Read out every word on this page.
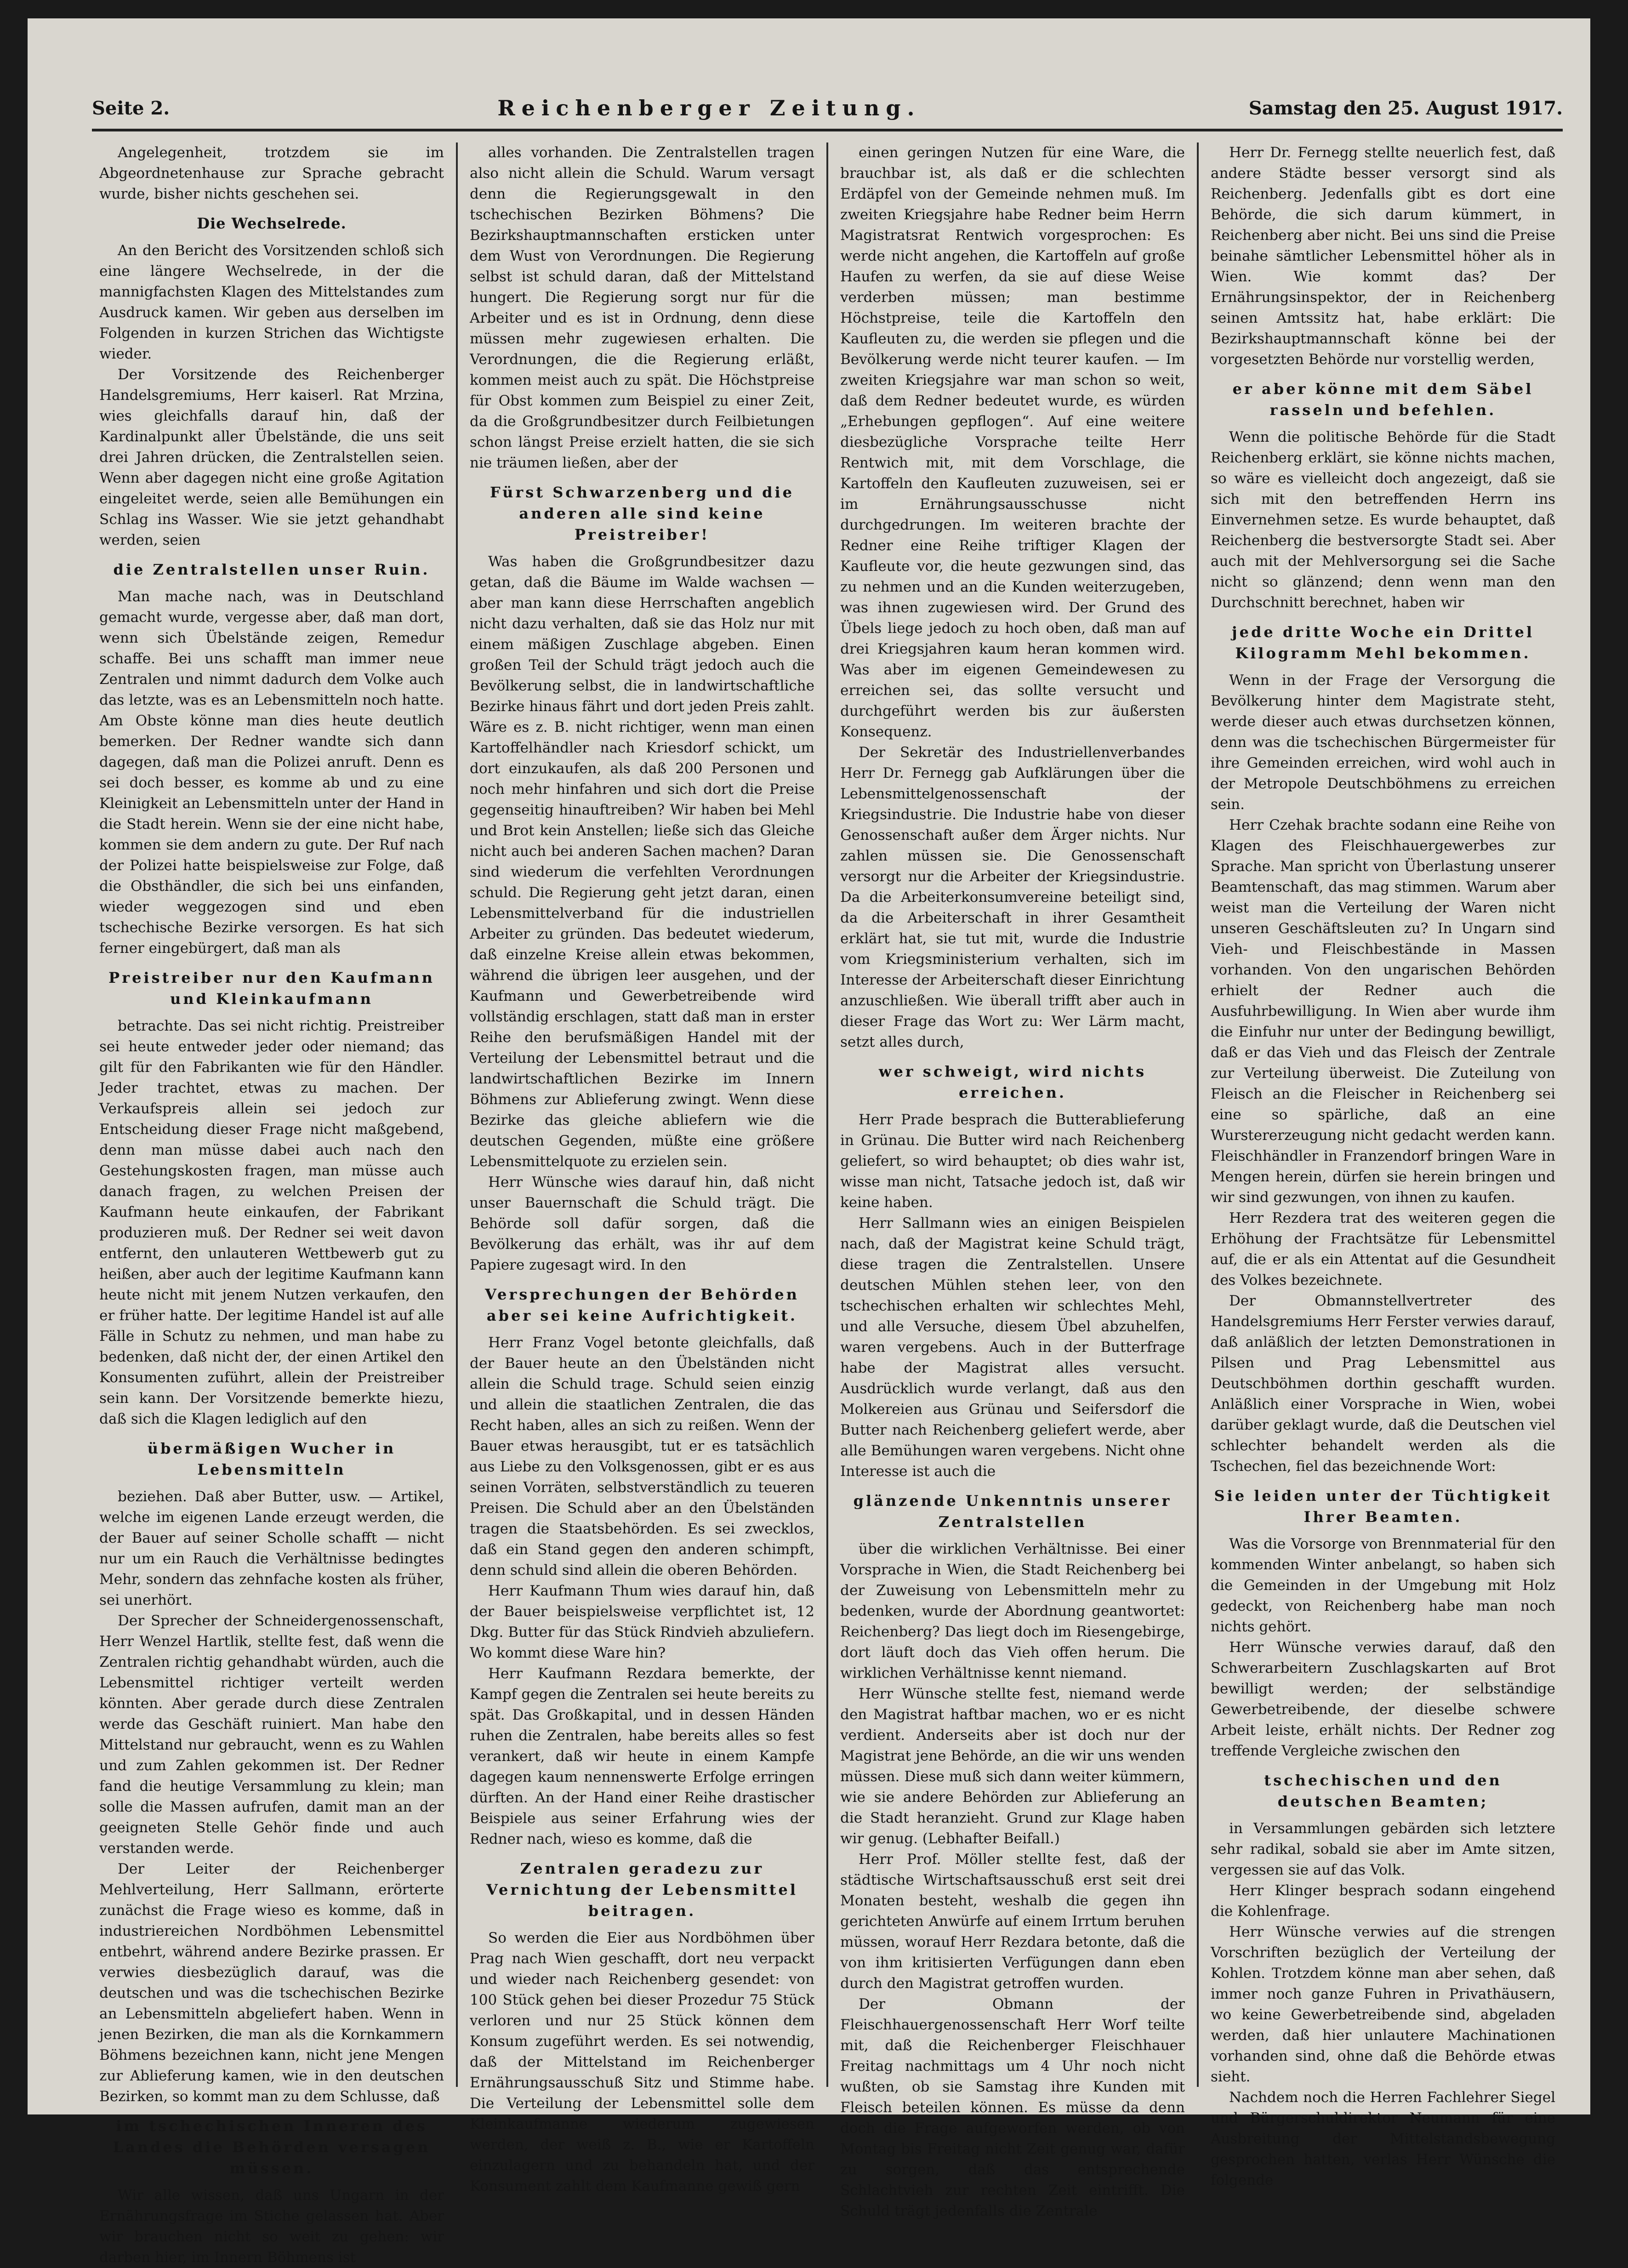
Seite 2.	Reichenberger Zeitung.	Samstag den 25. August 1917.

Angelegenheit, trotzdem sie im Abgeordnetenhause zur Sprache gebracht wurde, bisher nichts geschehen sei.

Die Wechselrede.

An den Bericht des Vorsitzenden schloß sich eine längere Wechselrede, in der die mannigfachsten Klagen des Mittelstandes zum Ausdruck kamen. Wir geben aus derselben im Folgenden in kurzen Strichen das Wichtigste wieder.

Der Vorsitzende des Reichenberger Handelsgremiums, Herr kaiserl. Rat Mrzina, wies gleichfalls darauf hin, daß der Kardinalpunkt aller Übelstände, die uns seit drei Jahren drücken, die Zentralstellen seien. Wenn aber dagegen nicht eine große Agitation eingeleitet werde, seien alle Bemühungen ein Schlag ins Wasser. Wie sie jetzt gehandhabt werden, seien

die Zentralstellen unser Ruin.

Man mache nach, was in Deutschland gemacht wurde, vergesse aber, daß man dort, wenn sich Übelstände zeigen, Remedur schaffe. Bei uns schafft man immer neue Zentralen und nimmt dadurch dem Volke auch das letzte, was es an Lebensmitteln noch hatte. Am Obste könne man dies heute deutlich bemerken. Der Redner wandte sich dann dagegen, daß man die Polizei anruft. Denn es sei doch besser, es komme ab und zu eine Kleinigkeit an Lebensmitteln unter der Hand in die Stadt herein. Wenn sie der eine nicht habe, kommen sie dem andern zu gute. Der Ruf nach der Polizei hatte beispielsweise zur Folge, daß die Obsthändler, die sich bei uns einfanden, wieder weggezogen sind und eben tschechische Bezirke versorgen. Es hat sich ferner eingebürgert, daß man als

Preistreiber nur den Kaufmann und Kleinkaufmann

betrachte. Das sei nicht richtig. Preistreiber sei heute entweder jeder oder niemand; das gilt für den Fabrikanten wie für den Händler. Jeder trachtet, etwas zu machen. Der Verkaufspreis allein sei jedoch zur Entscheidung dieser Frage nicht maßgebend, denn man müsse dabei auch nach den Gestehungskosten fragen, man müsse auch danach fragen, zu welchen Preisen der Kaufmann heute einkaufen, der Fabrikant produzieren muß. Der Redner sei weit davon entfernt, den unlauteren Wettbewerb gut zu heißen, aber auch der legitime Kaufmann kann heute nicht mit jenem Nutzen verkaufen, den er früher hatte. Der legitime Handel ist auf alle Fälle in Schutz zu nehmen, und man habe zu bedenken, daß nicht der, der einen Artikel den Konsumenten zuführt, allein der Preistreiber sein kann. Der Vorsitzende bemerkte hiezu, daß sich die Klagen lediglich auf den

übermäßigen Wucher in Lebensmitteln

beziehen. Daß aber Butter, usw. — Artikel, welche im eigenen Lande erzeugt werden, die der Bauer auf seiner Scholle schafft — nicht nur um ein Rauch die Verhältnisse bedingtes Mehr, sondern das zehnfache kosten als früher, sei unerhört.

Der Sprecher der Schneidergenossenschaft, Herr Wenzel Hartlik, stellte fest, daß wenn die Zentralen richtig gehandhabt würden, auch die Lebensmittel richtiger verteilt werden könnten. Aber gerade durch diese Zentralen werde das Geschäft ruiniert. Man habe den Mittelstand nur gebraucht, wenn es zu Wahlen und zum Zahlen gekommen ist. Der Redner fand die heutige Versammlung zu klein; man solle die Massen aufrufen, damit man an der geeigneten Stelle Gehör finde und auch verstanden werde.

Der Leiter der Reichenberger Mehlverteilung, Herr Sallmann, erörterte zunächst die Frage wieso es komme, daß in industriereichen Nordböhmen Lebensmittel entbehrt, während andere Bezirke prassen. Er verwies diesbezüglich darauf, was die deutschen und was die tschechischen Bezirke an Lebensmitteln abgeliefert haben. Wenn in jenen Bezirken, die man als die Kornkammern Böhmens bezeichnen kann, nicht jene Mengen zur Ablieferung kamen, wie in den deutschen Bezirken, so kommt man zu dem Schlusse, daß

im tschechischen Inneren des Landes die Behörden versagen müssen.

Wir alle wissen, daß uns Ungarn in der Ernährungsfrage im Stiche gelassen hat. Aber wir brauchen nicht so weit zu gehen: wir darben hier, im Innern Böhmens ist

alles vorhanden. Die Zentralstellen tragen also nicht allein die Schuld. Warum versagt denn die Regierungsgewalt in den tschechischen Bezirken Böhmens? Die Bezirkshauptmannschaften ersticken unter dem Wust von Verordnungen. Die Regierung selbst ist schuld daran, daß der Mittelstand hungert. Die Regierung sorgt nur für die Arbeiter und es ist in Ordnung, denn diese müssen mehr zugewiesen erhalten. Die Verordnungen, die die Regierung erläßt, kommen meist auch zu spät. Die Höchstpreise für Obst kommen zum Beispiel zu einer Zeit, da die Großgrundbesitzer durch Feilbietungen schon längst Preise erzielt hatten, die sie sich nie träumen ließen, aber der

Fürst Schwarzenberg und die anderen alle sind keine Preistreiber!

Was haben die Großgrundbesitzer dazu getan, daß die Bäume im Walde wachsen — aber man kann diese Herrschaften angeblich nicht dazu verhalten, daß sie das Holz nur mit einem mäßigen Zuschlage abgeben. Einen großen Teil der Schuld trägt jedoch auch die Bevölkerung selbst, die in landwirtschaftliche Bezirke hinaus fährt und dort jeden Preis zahlt. Wäre es z. B. nicht richtiger, wenn man einen Kartoffelhändler nach Kriesdorf schickt, um dort einzukaufen, als daß 200 Personen und noch mehr hinfahren und sich dort die Preise gegenseitig hinauftreiben? Wir haben bei Mehl und Brot kein Anstellen; ließe sich das Gleiche nicht auch bei anderen Sachen machen? Daran sind wiederum die verfehlten Verordnungen schuld. Die Regierung geht jetzt daran, einen Lebensmittelverband für die industriellen Arbeiter zu gründen. Das bedeutet wiederum, daß einzelne Kreise allein etwas bekommen, während die übrigen leer ausgehen, und der Kaufmann und Gewerbetreibende wird vollständig erschlagen, statt daß man in erster Reihe den berufsmäßigen Handel mit der Verteilung der Lebensmittel betraut und die landwirtschaftlichen Bezirke im Innern Böhmens zur Ablieferung zwingt. Wenn diese Bezirke das gleiche abliefern wie die deutschen Gegenden, müßte eine größere Lebensmittelquote zu erzielen sein.

Herr Wünsche wies darauf hin, daß nicht unser Bauernschaft die Schuld trägt. Die Behörde soll dafür sorgen, daß die Bevölkerung das erhält, was ihr auf dem Papiere zugesagt wird. In den

Versprechungen der Behörden aber sei keine Aufrichtigkeit.

Herr Franz Vogel betonte gleichfalls, daß der Bauer heute an den Übelständen nicht allein die Schuld trage. Schuld seien einzig und allein die staatlichen Zentralen, die das Recht haben, alles an sich zu reißen. Wenn der Bauer etwas herausgibt, tut er es tatsächlich aus Liebe zu den Volksgenossen, gibt er es aus seinen Vorräten, selbstverständlich zu teueren Preisen. Die Schuld aber an den Übelständen tragen die Staatsbehörden. Es sei zwecklos, daß ein Stand gegen den anderen schimpft, denn schuld sind allein die oberen Behörden.

Herr Kaufmann Thum wies darauf hin, daß der Bauer beispielsweise verpflichtet ist, 12 Dkg. Butter für das Stück Rindvieh abzuliefern. Wo kommt diese Ware hin?

Herr Kaufmann Rezdara bemerkte, der Kampf gegen die Zentralen sei heute bereits zu spät. Das Großkapital, und in dessen Händen ruhen die Zentralen, habe bereits alles so fest verankert, daß wir heute in einem Kampfe dagegen kaum nennenswerte Erfolge erringen dürften. An der Hand einer Reihe drastischer Beispiele aus seiner Erfahrung wies der Redner nach, wieso es komme, daß die

Zentralen geradezu zur Vernichtung der Lebensmittel beitragen.

So werden die Eier aus Nordböhmen über Prag nach Wien geschafft, dort neu verpackt und wieder nach Reichenberg gesendet: von 100 Stück gehen bei dieser Prozedur 75 Stück verloren und nur 25 Stück können dem Konsum zugeführt werden. Es sei notwendig, daß der Mittelstand im Reichenberger Ernährungsausschuß Sitz und Stimme habe. Die Verteilung der Lebensmittel solle dem Kleinkaufmanne wiederum zugewiesen werden, der weiß z. B., wie er Kartoffeln einzulagern und zu behandeln hat, und der Konsument zahlt dem Kaufmanne gewiß gern

einen geringen Nutzen für eine Ware, die brauchbar ist, als daß er die schlechten Erdäpfel von der Gemeinde nehmen muß. Im zweiten Kriegsjahre habe Redner beim Herrn Magistratsrat Rentwich vorgesprochen: Es werde nicht angehen, die Kartoffeln auf große Haufen zu werfen, da sie auf diese Weise verderben müssen; man bestimme Höchstpreise, teile die Kartoffeln den Kaufleuten zu, die werden sie pflegen und die Bevölkerung werde nicht teurer kaufen. — Im zweiten Kriegsjahre war man schon so weit, daß dem Redner bedeutet wurde, es würden „Erhebungen gepflogen“. Auf eine weitere diesbezügliche Vorsprache teilte Herr Rentwich mit, mit dem Vorschlage, die Kartoffeln den Kaufleuten zuzuweisen, sei er im Ernährungsausschusse nicht durchgedrungen. Im weiteren brachte der Redner eine Reihe triftiger Klagen der Kaufleute vor, die heute gezwungen sind, das zu nehmen und an die Kunden weiterzugeben, was ihnen zugewiesen wird. Der Grund des Übels liege jedoch zu hoch oben, daß man auf drei Kriegsjahren kaum heran kommen wird. Was aber im eigenen Gemeindewesen zu erreichen sei, das sollte versucht und durchgeführt werden bis zur äußersten Konsequenz.

Der Sekretär des Industriellenverbandes Herr Dr. Fernegg gab Aufklärungen über die Lebensmittelgenossenschaft der Kriegsindustrie. Die Industrie habe von dieser Genossenschaft außer dem Ärger nichts. Nur zahlen müssen sie. Die Genossenschaft versorgt nur die Arbeiter der Kriegsindustrie. Da die Arbeiterkonsumvereine beteiligt sind, da die Arbeiterschaft in ihrer Gesamtheit erklärt hat, sie tut mit, wurde die Industrie vom Kriegsministerium verhalten, sich im Interesse der Arbeiterschaft dieser Einrichtung anzuschließen. Wie überall trifft aber auch in dieser Frage das Wort zu: Wer Lärm macht, setzt alles durch,

wer schweigt, wird nichts erreichen.

Herr Prade besprach die Butterablieferung in Grünau. Die Butter wird nach Reichenberg geliefert, so wird behauptet; ob dies wahr ist, wisse man nicht, Tatsache jedoch ist, daß wir keine haben.

Herr Sallmann wies an einigen Beispielen nach, daß der Magistrat keine Schuld trägt, diese tragen die Zentralstellen. Unsere deutschen Mühlen stehen leer, von den tschechischen erhalten wir schlechtes Mehl, und alle Versuche, diesem Übel abzuhelfen, waren vergebens. Auch in der Butterfrage habe der Magistrat alles versucht. Ausdrücklich wurde verlangt, daß aus den Molkereien aus Grünau und Seifersdorf die Butter nach Reichenberg geliefert werde, aber alle Bemühungen waren vergebens. Nicht ohne Interesse ist auch die

glänzende Unkenntnis unserer Zentralstellen

über die wirklichen Verhältnisse. Bei einer Vorsprache in Wien, die Stadt Reichenberg bei der Zuweisung von Lebensmitteln mehr zu bedenken, wurde der Abordnung geantwortet: Reichenberg? Das liegt doch im Riesengebirge, dort läuft doch das Vieh offen herum. Die wirklichen Verhältnisse kennt niemand.

Herr Wünsche stellte fest, niemand werde den Magistrat haftbar machen, wo er es nicht verdient. Anderseits aber ist doch nur der Magistrat jene Behörde, an die wir uns wenden müssen. Diese muß sich dann weiter kümmern, wie sie andere Behörden zur Ablieferung an die Stadt heranzieht. Grund zur Klage haben wir genug. (Lebhafter Beifall.)

Herr Prof. Möller stellte fest, daß der städtische Wirtschaftsausschuß erst seit drei Monaten besteht, weshalb die gegen ihn gerichteten Anwürfe auf einem Irrtum beruhen müssen, worauf Herr Rezdara betonte, daß die von ihm kritisierten Verfügungen dann eben durch den Magistrat getroffen wurden.

Der Obmann der Fleischhauergenossenschaft Herr Worf teilte mit, daß die Reichenberger Fleischhauer Freitag nachmittags um 4 Uhr noch nicht wußten, ob sie Samstag ihre Kunden mit Fleisch beteilen können. Es müsse da denn doch die Frage aufgeworfen werden, ob von Montag bis Freitag nicht Zeit genug war, dafür zu sorgen, daß das entsprechende Schlachtvieh zur rechten Zeit eintrifft. Die Schuld trägt jedenfalls die Zentrale

Herr Dr. Fernegg stellte neuerlich fest, daß andere Städte besser versorgt sind als Reichenberg. Jedenfalls gibt es dort eine Behörde, die sich darum kümmert, in Reichenberg aber nicht. Bei uns sind die Preise beinahe sämtlicher Lebensmittel höher als in Wien. Wie kommt das? Der Ernährungsinspektor, der in Reichenberg seinen Amtssitz hat, habe erklärt: Die Bezirkshauptmannschaft könne bei der vorgesetzten Behörde nur vorstellig werden,

er aber könne mit dem Säbel rasseln und befehlen.

Wenn die politische Behörde für die Stadt Reichenberg erklärt, sie könne nichts machen, so wäre es vielleicht doch angezeigt, daß sie sich mit den betreffenden Herrn ins Einvernehmen setze. Es wurde behauptet, daß Reichenberg die bestversorgte Stadt sei. Aber auch mit der Mehlversorgung sei die Sache nicht so glänzend; denn wenn man den Durchschnitt berechnet, haben wir

jede dritte Woche ein Drittel Kilogramm Mehl bekommen.

Wenn in der Frage der Versorgung die Bevölkerung hinter dem Magistrate steht, werde dieser auch etwas durchsetzen können, denn was die tschechischen Bürgermeister für ihre Gemeinden erreichen, wird wohl auch in der Metropole Deutschböhmens zu erreichen sein.

Herr Czehak brachte sodann eine Reihe von Klagen des Fleischhauergewerbes zur Sprache. Man spricht von Überlastung unserer Beamtenschaft, das mag stimmen. Warum aber weist man die Verteilung der Waren nicht unseren Geschäftsleuten zu? In Ungarn sind Vieh- und Fleischbestände in Massen vorhanden. Von den ungarischen Behörden erhielt der Redner auch die Ausfuhrbewilligung. In Wien aber wurde ihm die Einfuhr nur unter der Bedingung bewilligt, daß er das Vieh und das Fleisch der Zentrale zur Verteilung überweist. Die Zuteilung von Fleisch an die Fleischer in Reichenberg sei eine so spärliche, daß an eine Wurstererzeugung nicht gedacht werden kann. Fleischhändler in Franzendorf bringen Ware in Mengen herein, dürfen sie herein bringen und wir sind gezwungen, von ihnen zu kaufen.

Herr Rezdera trat des weiteren gegen die Erhöhung der Frachtsätze für Lebensmittel auf, die er als ein Attentat auf die Gesundheit des Volkes bezeichnete.

Der Obmannstellvertreter des Handelsgremiums Herr Ferster verwies darauf, daß anläßlich der letzten Demonstrationen in Pilsen und Prag Lebensmittel aus Deutschböhmen dorthin geschafft wurden. Anläßlich einer Vorsprache in Wien, wobei darüber geklagt wurde, daß die Deutschen viel schlechter behandelt werden als die Tschechen, fiel das bezeichnende Wort:

Sie leiden unter der Tüchtigkeit Ihrer Beamten.

Was die Vorsorge von Brennmaterial für den kommenden Winter anbelangt, so haben sich die Gemeinden in der Umgebung mit Holz gedeckt, von Reichenberg habe man noch nichts gehört.

Herr Wünsche verwies darauf, daß den Schwerarbeitern Zuschlagskarten auf Brot bewilligt werden; der selbständige Gewerbetreibende, der dieselbe schwere Arbeit leiste, erhält nichts. Der Redner zog treffende Vergleiche zwischen den

tschechischen und den deutschen Beamten;

in Versammlungen gebärden sich letztere sehr radikal, sobald sie aber im Amte sitzen, vergessen sie auf das Volk.

Herr Klinger besprach sodann eingehend die Kohlenfrage.

Herr Wünsche verwies auf die strengen Vorschriften bezüglich der Verteilung der Kohlen. Trotzdem könne man aber sehen, daß immer noch ganze Fuhren in Privathäusern, wo keine Gewerbetreibende sind, abgeladen werden, daß hier unlautere Machinationen vorhanden sind, ohne daß die Behörde etwas sieht.

Nachdem noch die Herren Fachlehrer Siegel und Bürgerschuldirektor Neumann für eine Ausbreitung der Mittelstandsbewegung gesprochen hatten, verlas Herr Wünsche die folgende
